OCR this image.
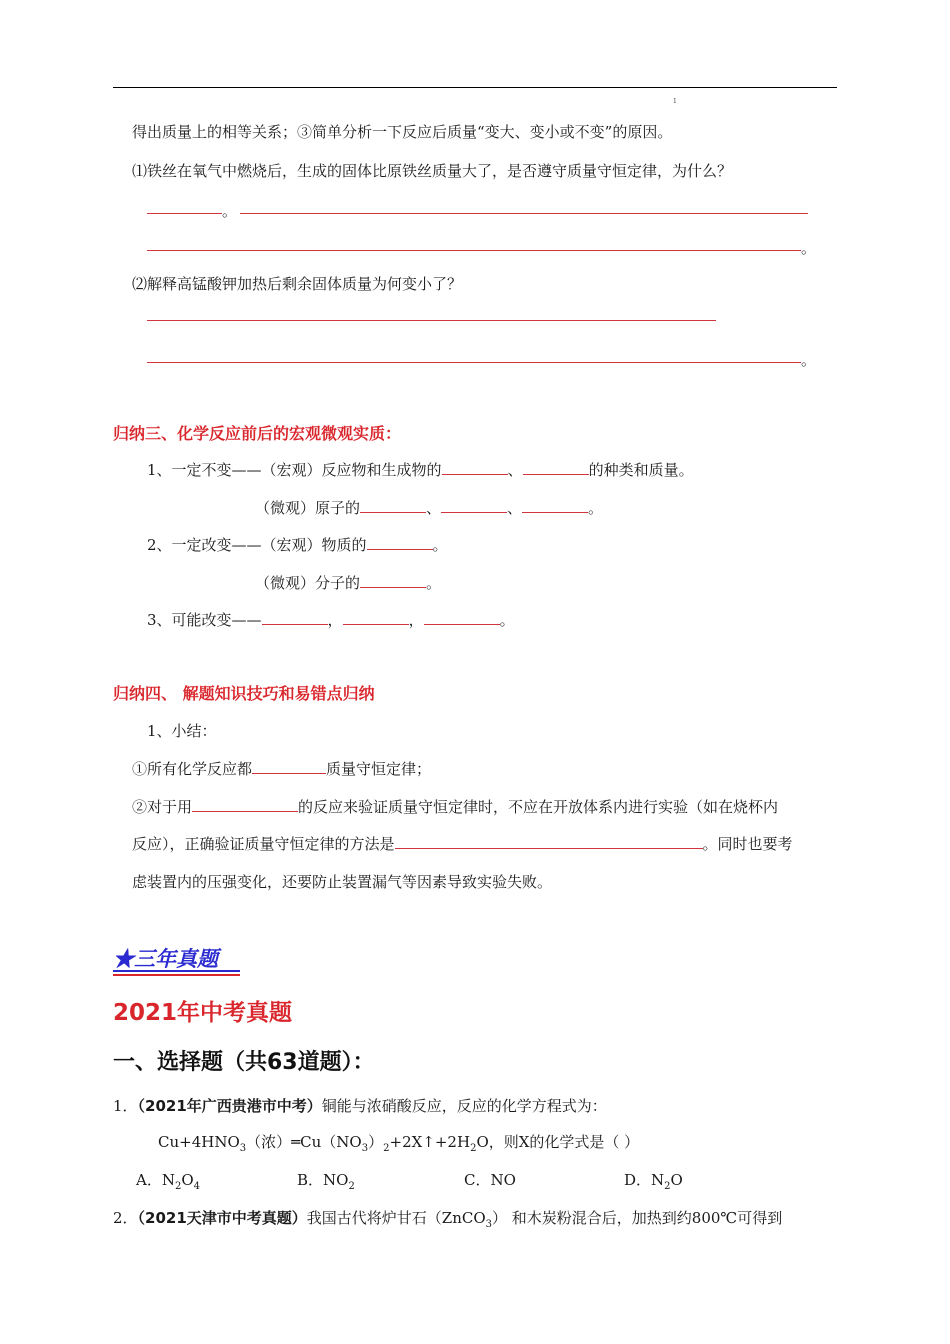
1
得出质量上的相等关系；③简单分析一下反应后质量“变大、变小或不变”的原因。
⑴铁丝在氧气中燃烧后，生成的固体比原铁丝质量大了，是否遵守质量守恒定律，为什么？
。
。
⑵解释高锰酸钾加热后剩余固体质量为何变小了？
。
归纳三、化学反应前后的宏观微观实质：
1、一定不变——（宏观）反应物和生成物的	、	的种类和质量。
（微观）原子的	、	、	。
2、一定改变——（宏观）物质的	。
（微观）分子的	。
3、可能改变——	，	，	。
归纳四、 解题知识技巧和易错点归纳
1、小结：
①所有化学反应都	质量守恒定律；
②对于用	的反应来验证质量守恒定律时，不应在开放体系内进行实验（如在烧杯内
反应），正确验证质量守恒定律的方法是	。同时也要考
虑装置内的压强变化，还要防止装置漏气等因素导致实验失败。
★三年真题
2021年中考真题
一、选择题（共63道题）：
1．（2021年广西贵港市中考）铜能与浓硝酸反应，反应的化学方程式为：
$Cu+4HNO_3$（浓）$═Cu(NO_3)_2+2X↑+2H_2O$，则X的化学式是（ ）
A．$N_2O_4$	B．$NO_2$	C．NO	D．$N_2O$
2．（2021天津市中考真题）我国古代将炉甘石（ZnCO$_3$） 和木炭粉混合后，加热到约800℃可得到
